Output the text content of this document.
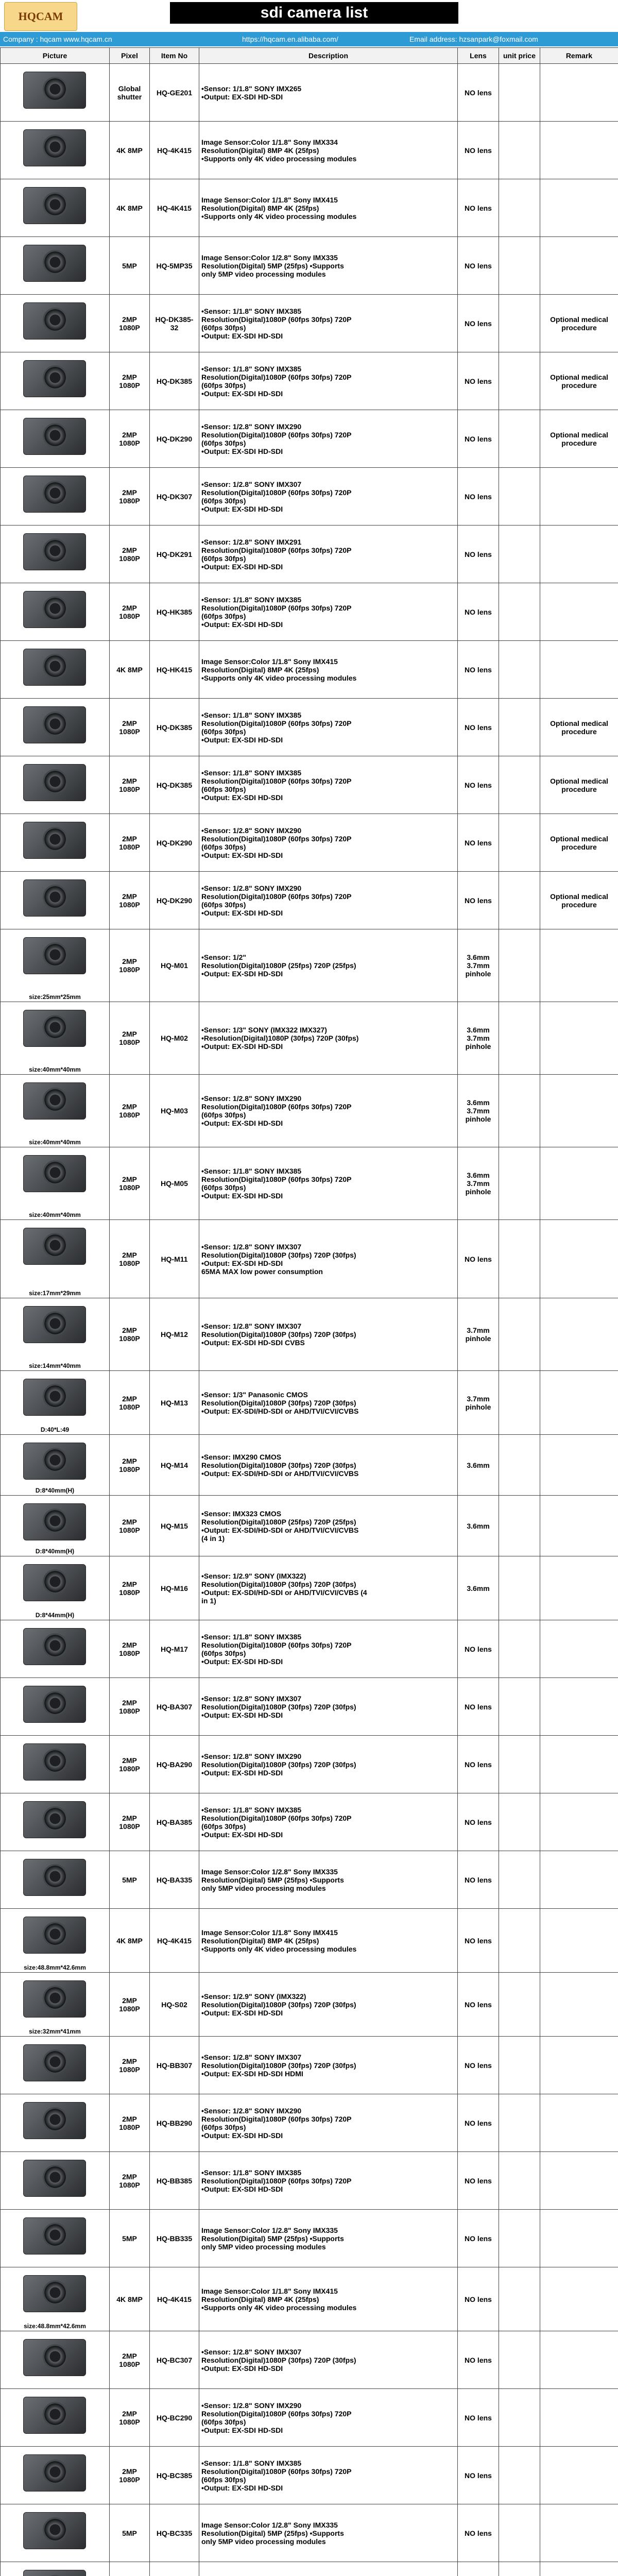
HQCAM	sdi camera list
Company : hqcam www.hqcam.cn	https://hqcam.en.alibaba.com/	Email address: hzsanpark@foxmail.com
Picture	Pixel	Item No	Description	Lens	unit price	Remark

	Global shutter	HQ-GE201	•Sensor: 1/1.8" SONY IMX265
•Output: EX-SDI HD-SDI	NO lens		

	4K 8MP	HQ-4K415	Image Sensor:Color 1/1.8" Sony IMX334
Resolution(Digital) 8MP 4K (25fps)
•Supports only 4K video processing modules	NO lens		

	4K 8MP	HQ-4K415	Image Sensor:Color 1/1.8" Sony IMX415
Resolution(Digital) 8MP 4K (25fps)
•Supports only 4K video processing modules	NO lens		

	5MP	HQ-5MP35	Image Sensor:Color 1/2.8" Sony IMX335
Resolution(Digital) 5MP (25fps) •Supports
only 5MP video processing modules	NO lens		

	2MP 1080P	HQ-DK385-32	•Sensor: 1/1.8" SONY IMX385
Resolution(Digital)1080P (60fps 30fps) 720P
(60fps 30fps)
•Output: EX-SDI HD-SDI	NO lens		Optional medical procedure

	2MP 1080P	HQ-DK385	•Sensor: 1/1.8" SONY IMX385
Resolution(Digital)1080P (60fps 30fps) 720P
(60fps 30fps)
•Output: EX-SDI HD-SDI	NO lens		Optional medical procedure

	2MP 1080P	HQ-DK290	•Sensor: 1/2.8" SONY IMX290
Resolution(Digital)1080P (60fps 30fps) 720P
(60fps 30fps)
•Output: EX-SDI HD-SDI	NO lens		Optional medical procedure

	2MP 1080P	HQ-DK307	•Sensor: 1/2.8" SONY IMX307
Resolution(Digital)1080P (60fps 30fps) 720P
(60fps 30fps)
•Output: EX-SDI HD-SDI	NO lens		

	2MP 1080P	HQ-DK291	•Sensor: 1/2.8" SONY IMX291
Resolution(Digital)1080P (60fps 30fps) 720P
(60fps 30fps)
•Output: EX-SDI HD-SDI	NO lens		

	2MP 1080P	HQ-HK385	•Sensor: 1/1.8" SONY IMX385
Resolution(Digital)1080P (60fps 30fps) 720P
(60fps 30fps)
•Output: EX-SDI HD-SDI	NO lens		

	4K 8MP	HQ-HK415	Image Sensor:Color 1/1.8" Sony IMX415
Resolution(Digital) 8MP 4K (25fps)
•Supports only 4K video processing modules	NO lens		

	2MP 1080P	HQ-DK385	•Sensor: 1/1.8" SONY IMX385
Resolution(Digital)1080P (60fps 30fps) 720P
(60fps 30fps)
•Output: EX-SDI HD-SDI	NO lens		Optional medical procedure

	2MP 1080P	HQ-DK385	•Sensor: 1/1.8" SONY IMX385
Resolution(Digital)1080P (60fps 30fps) 720P
(60fps 30fps)
•Output: EX-SDI HD-SDI	NO lens		Optional medical procedure

	2MP 1080P	HQ-DK290	•Sensor: 1/2.8" SONY IMX290
Resolution(Digital)1080P (60fps 30fps) 720P
(60fps 30fps)
•Output: EX-SDI HD-SDI	NO lens		Optional medical procedure

	2MP 1080P	HQ-DK290	•Sensor: 1/2.8" SONY IMX290
Resolution(Digital)1080P (60fps 30fps) 720P
(60fps 30fps)
•Output: EX-SDI HD-SDI	NO lens		Optional medical procedure

size:25mm*25mm	2MP 1080P	HQ-M01	•Sensor: 1/2"
Resolution(Digital)1080P (25fps) 720P (25fps)
•Output: EX-SDI HD-SDI	3.6mm 3.7mm pinhole		

size:40mm*40mm	2MP 1080P	HQ-M02	•Sensor: 1/3" SONY (IMX322 IMX327)
•Resolution(Digital)1080P (30fps) 720P (30fps)
•Output: EX-SDI HD-SDI	3.6mm 3.7mm pinhole		

size:40mm*40mm	2MP 1080P	HQ-M03	•Sensor: 1/2.8" SONY IMX290
Resolution(Digital)1080P (60fps 30fps) 720P
(60fps 30fps)
•Output: EX-SDI HD-SDI	3.6mm 3.7mm pinhole		

size:40mm*40mm	2MP 1080P	HQ-M05	•Sensor: 1/1.8" SONY IMX385
Resolution(Digital)1080P (60fps 30fps) 720P
(60fps 30fps)
•Output: EX-SDI HD-SDI	3.6mm 3.7mm pinhole		

size:17mm*29mm	2MP 1080P	HQ-M11	•Sensor: 1/2.8" SONY IMX307
Resolution(Digital)1080P (30fps) 720P (30fps)
•Output: EX-SDI HD-SDI
65MA MAX low power consumption	NO lens		

size:14mm*40mm	2MP 1080P	HQ-M12	•Sensor: 1/2.8" SONY IMX307
Resolution(Digital)1080P (30fps) 720P (30fps)
•Output: EX-SDI HD-SDI CVBS	3.7mm pinhole		

D:40*L:49	2MP 1080P	HQ-M13	•Sensor: 1/3" Panasonic CMOS
Resolution(Digital)1080P (30fps) 720P (30fps)
•Output: EX-SDI/HD-SDI or AHD/TVI/CVI/CVBS	3.7mm pinhole		

D:8*40mm(H)	2MP 1080P	HQ-M14	•Sensor: IMX290 CMOS
Resolution(Digital)1080P (30fps) 720P (30fps)
•Output: EX-SDI/HD-SDI or AHD/TVI/CVI/CVBS	3.6mm		

D:8*40mm(H)	2MP 1080P	HQ-M15	•Sensor: IMX323 CMOS
Resolution(Digital)1080P (25fps) 720P (25fps)
•Output: EX-SDI/HD-SDI or AHD/TVI/CVI/CVBS
(4 in 1)	3.6mm		

D:8*44mm(H)	2MP 1080P	HQ-M16	•Sensor: 1/2.9" SONY (IMX322)
Resolution(Digital)1080P (30fps) 720P (30fps)
•Output: EX-SDI/HD-SDI or AHD/TVI/CVI/CVBS (4
in 1)	3.6mm		

	2MP 1080P	HQ-M17	•Sensor: 1/1.8" SONY IMX385
Resolution(Digital)1080P (60fps 30fps) 720P
(60fps 30fps)
•Output: EX-SDI HD-SDI	NO lens		

	2MP 1080P	HQ-BA307	•Sensor: 1/2.8" SONY IMX307
Resolution(Digital)1080P (30fps) 720P (30fps)
•Output: EX-SDI HD-SDI	NO lens		

	2MP 1080P	HQ-BA290	•Sensor: 1/2.8" SONY IMX290
Resolution(Digital)1080P (30fps) 720P (30fps)
•Output: EX-SDI HD-SDI	NO lens		

	2MP 1080P	HQ-BA385	•Sensor: 1/1.8" SONY IMX385
Resolution(Digital)1080P (60fps 30fps) 720P
(60fps 30fps)
•Output: EX-SDI HD-SDI	NO lens		

	5MP	HQ-BA335	Image Sensor:Color 1/2.8" Sony IMX335
Resolution(Digital) 5MP (25fps) •Supports
only 5MP video processing modules	NO lens		

size:48.8mm*42.6mm	4K 8MP	HQ-4K415	Image Sensor:Color 1/1.8" Sony IMX415
Resolution(Digital) 8MP 4K (25fps)
•Supports only 4K video processing modules	NO lens		

size:32mm*41mm	2MP 1080P	HQ-S02	•Sensor: 1/2.9" SONY (IMX322)
Resolution(Digital)1080P (30fps) 720P (30fps)
•Output: EX-SDI HD-SDI	NO lens		

	2MP 1080P	HQ-BB307	•Sensor: 1/2.8" SONY IMX307
Resolution(Digital)1080P (30fps) 720P (30fps)
•Output: EX-SDI HD-SDI HDMI	NO lens		

	2MP 1080P	HQ-BB290	•Sensor: 1/2.8" SONY IMX290
Resolution(Digital)1080P (60fps 30fps) 720P
(60fps 30fps)
•Output: EX-SDI HD-SDI	NO lens		

	2MP 1080P	HQ-BB385	•Sensor: 1/1.8" SONY IMX385
Resolution(Digital)1080P (60fps 30fps) 720P
•Output: EX-SDI HD-SDI	NO lens		

	5MP	HQ-BB335	Image Sensor:Color 1/2.8" Sony IMX335
Resolution(Digital) 5MP (25fps) •Supports
only 5MP video processing modules	NO lens		

size:48.8mm*42.6mm	4K 8MP	HQ-4K415	Image Sensor:Color 1/1.8" Sony IMX415
Resolution(Digital) 8MP 4K (25fps)
•Supports only 4K video processing modules	NO lens		

	2MP 1080P	HQ-BC307	•Sensor: 1/2.8" SONY IMX307
Resolution(Digital)1080P (30fps) 720P (30fps)
•Output: EX-SDI HD-SDI	NO lens		

	2MP 1080P	HQ-BC290	•Sensor: 1/2.8" SONY IMX290
Resolution(Digital)1080P (60fps 30fps) 720P
(60fps 30fps)
•Output: EX-SDI HD-SDI	NO lens		

	2MP 1080P	HQ-BC385	•Sensor: 1/1.8" SONY IMX385
Resolution(Digital)1080P (60fps 30fps) 720P
(60fps 30fps)
•Output: EX-SDI HD-SDI	NO lens		

	5MP	HQ-BC335	Image Sensor:Color 1/2.8" Sony IMX335
Resolution(Digital) 5MP (25fps) •Supports
only 5MP video processing modules	NO lens		
